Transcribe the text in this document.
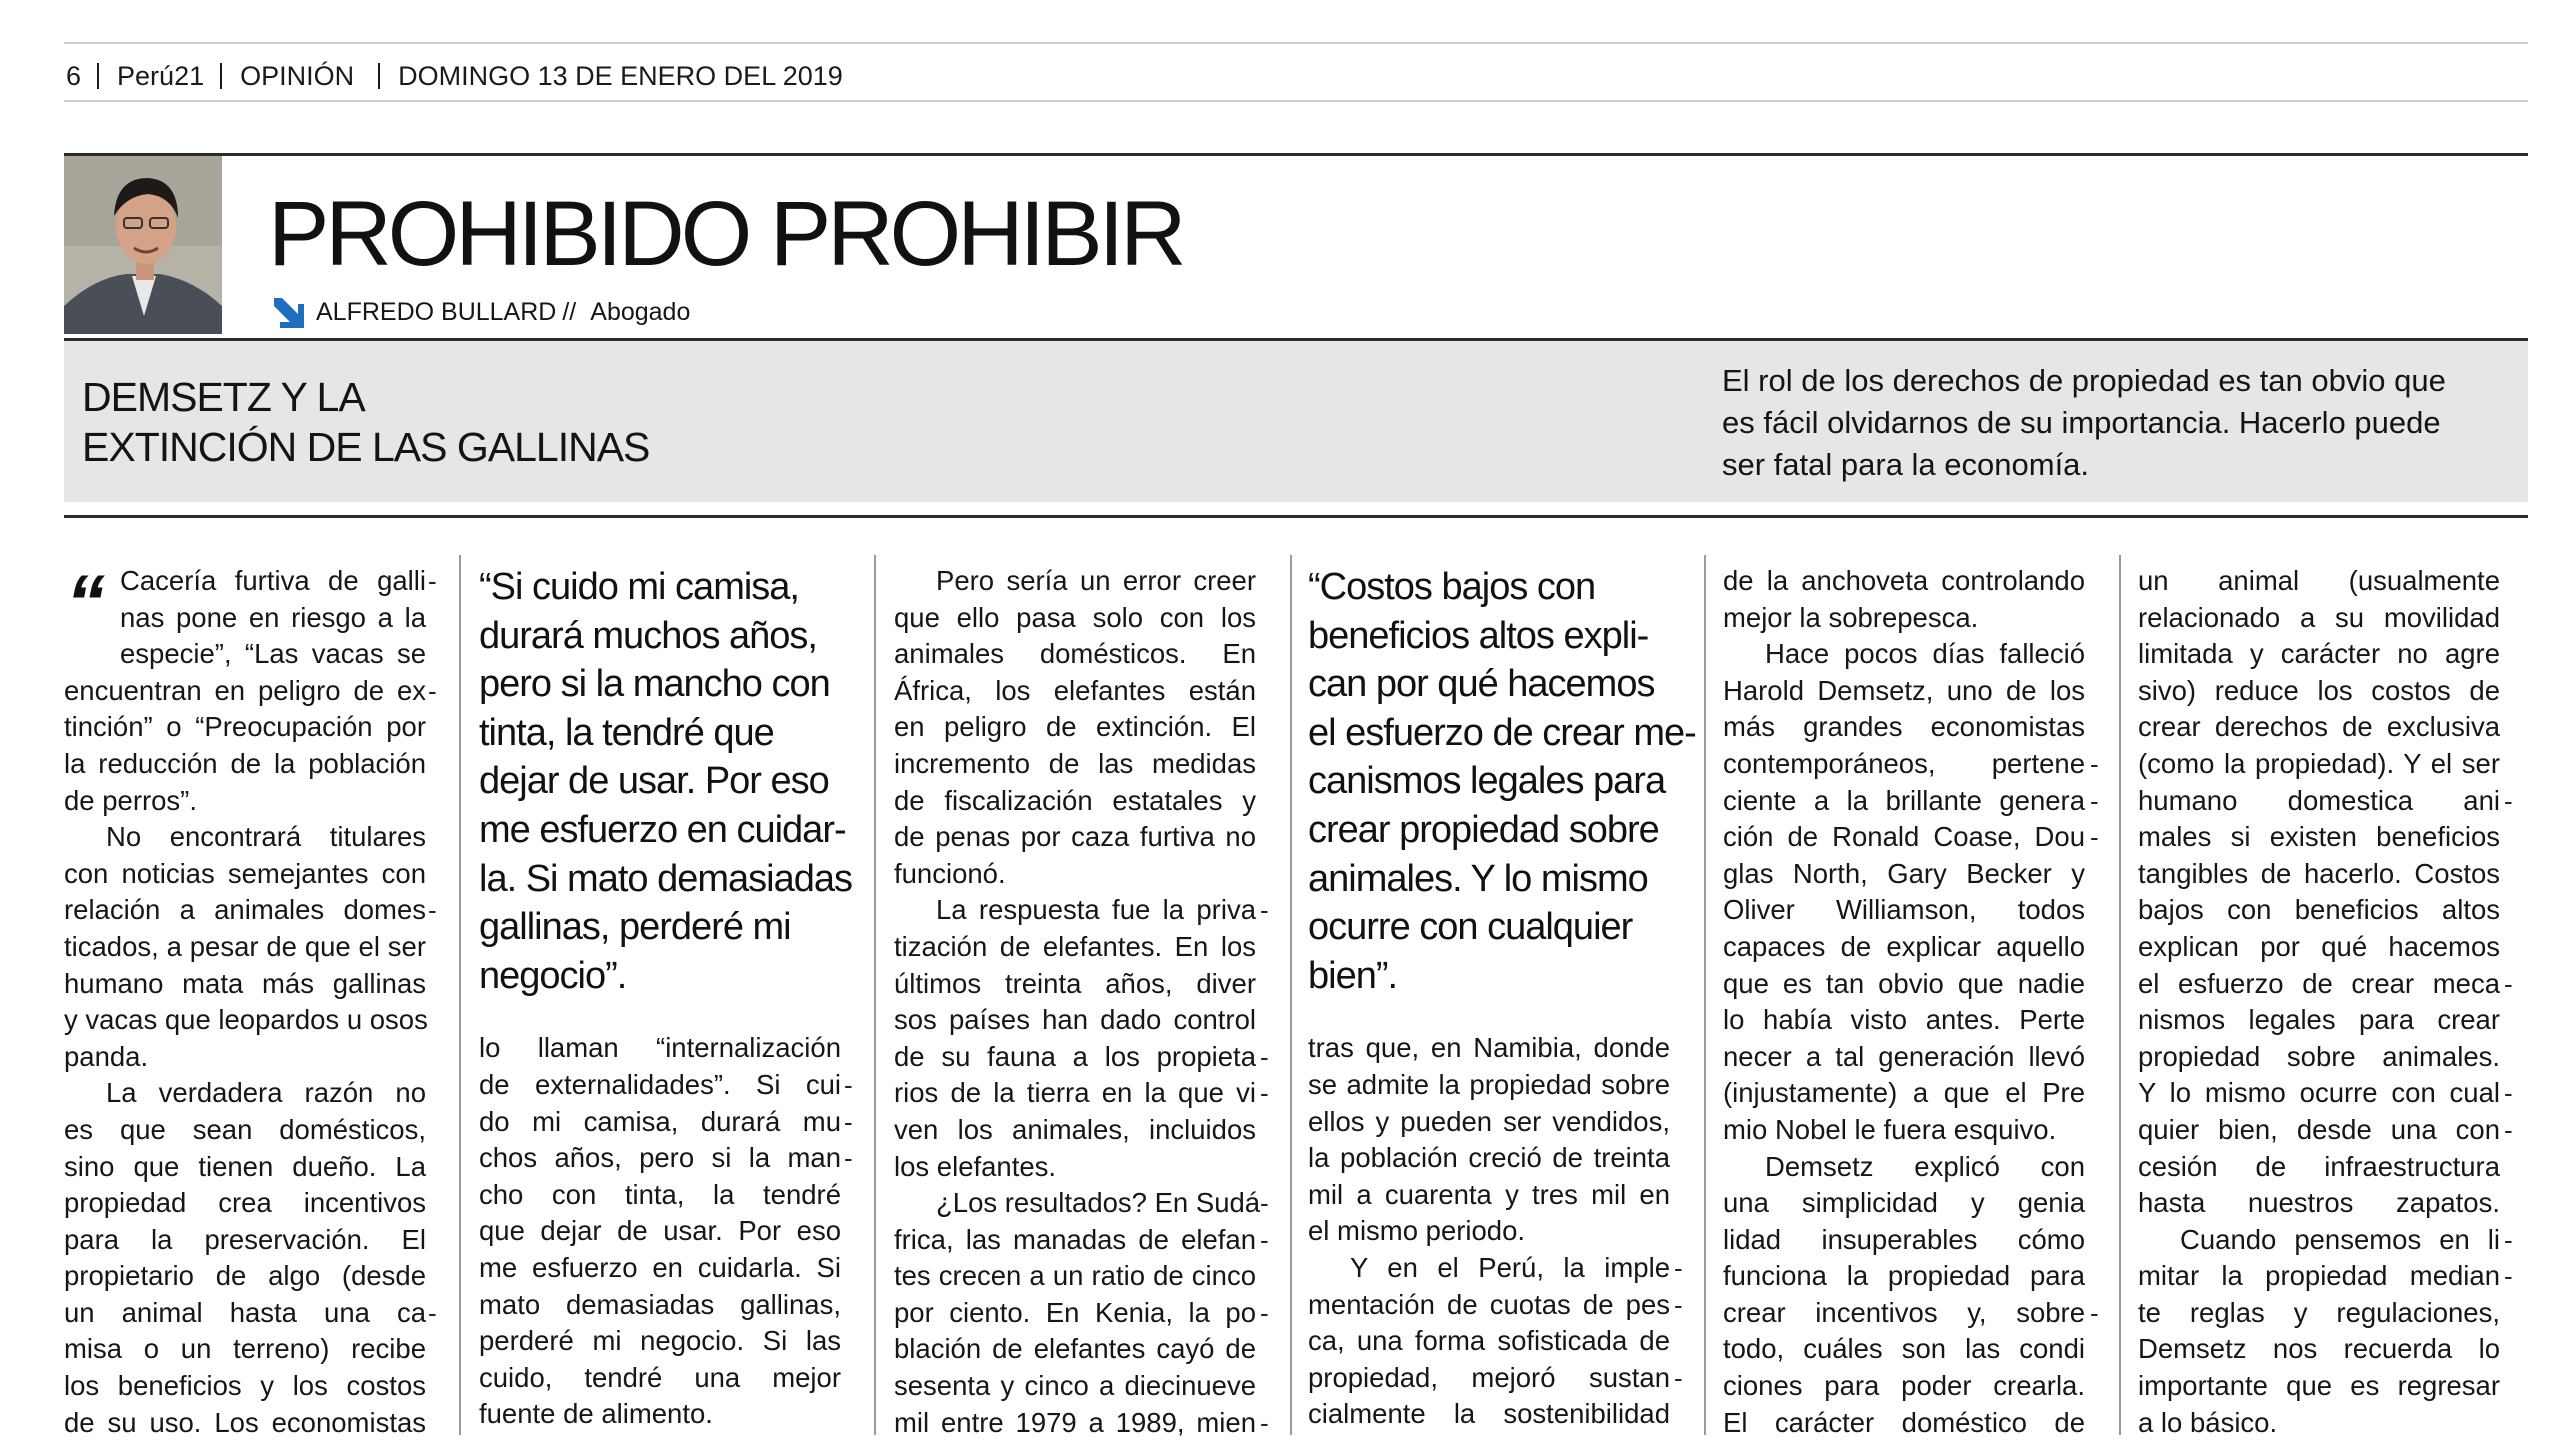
6 Perú21 OPINIÓN DOMINGO 13 DE ENERO DEL 2019
PROHIBIDO PROHIBIR
ALFREDO BULLARD // Abogado
DEMSETZ Y LA
EXTINCIÓN DE LAS GALLINAS
El rol de los derechos de propiedad es tan obvio que
es fácil olvidarnos de su importancia. Hacerlo puede
ser fatal para la economía.
“ Cacería furtiva de galli
nas pone en riesgo a la
especie”, “Las vacas se
encuentran en peligro de ex
tinción” o “Preocupación por
la reducción de la población
de perros”.
No encontrará titulares
con noticias semejantes con
relación a animales domes
ticados, a pesar de que el ser
humano mata más gallinas
y vacas que leopardos u osos
panda.
La verdadera razón no
es que sean domésticos,
sino que tienen dueño. La
propiedad crea incentivos
para la preservación. El
propietario de algo (desde
un animal hasta una ca
misa o un terreno) recibe
los beneficios y los costos
de su uso. Los economistas
“Si cuido mi camisa,
durará muchos años,
pero si la mancho con
tinta, la tendré que
dejar de usar. Por eso
me esfuerzo en cuidar-
la. Si mato demasiadas
gallinas, perderé mi
negocio”.
lo llaman “internalización
de externalidades”. Si cui
do mi camisa, durará mu
chos años, pero si la man
cho con tinta, la tendré
que dejar de usar. Por eso
me esfuerzo en cuidarla. Si
mato demasiadas gallinas,
perderé mi negocio. Si las
cuido, tendré una mejor
fuente de alimento.
Pero sería un error creer
que ello pasa solo con los
animales domésticos. En
África, los elefantes están
en peligro de extinción. El
incremento de las medidas
de fiscalización estatales y
de penas por caza furtiva no
funcionó.
La respuesta fue la priva
tización de elefantes. En los
últimos treinta años, diver
sos países han dado control
de su fauna a los propieta
rios de la tierra en la que vi
ven los animales, incluidos
los elefantes.
¿Los resultados? En Sudá
frica, las manadas de elefan
tes crecen a un ratio de cinco
por ciento. En Kenia, la po
blación de elefantes cayó de
sesenta y cinco a diecinueve
mil entre 1979 a 1989, mien
“Costos bajos con
beneficios altos expli-
can por qué hacemos
el esfuerzo de crear me-
canismos legales para
crear propiedad sobre
animales. Y lo mismo
ocurre con cualquier
bien”.
tras que, en Namibia, donde
se admite la propiedad sobre
ellos y pueden ser vendidos,
la población creció de treinta
mil a cuarenta y tres mil en
el mismo periodo.
Y en el Perú, la imple
mentación de cuotas de pes
ca, una forma sofisticada de
propiedad, mejoró sustan
cialmente la sostenibilidad
de la anchoveta controlando
mejor la sobrepesca.
Hace pocos días falleció
Harold Demsetz, uno de los
más grandes economistas
contemporáneos, pertene
ciente a la brillante genera
ción de Ronald Coase, Dou
glas North, Gary Becker y
Oliver Williamson, todos
capaces de explicar aquello
que es tan obvio que nadie
lo había visto antes. Perte
necer a tal generación llevó
(injustamente) a que el Pre
mio Nobel le fuera esquivo.
Demsetz explicó con
una simplicidad y genia
lidad insuperables cómo
funciona la propiedad para
crear incentivos y, sobre
todo, cuáles son las condi
ciones para poder crearla.
El carácter doméstico de
un animal (usualmente
relacionado a su movilidad
limitada y carácter no agre
sivo) reduce los costos de
crear derechos de exclusiva
(como la propiedad). Y el ser
humano domestica ani
males si existen beneficios
tangibles de hacerlo. Costos
bajos con beneficios altos
explican por qué hacemos
el esfuerzo de crear meca
nismos legales para crear
propiedad sobre animales.
Y lo mismo ocurre con cual
quier bien, desde una con
cesión de infraestructura
hasta nuestros zapatos.
Cuando pensemos en li
mitar la propiedad median
te reglas y regulaciones,
Demsetz nos recuerda lo
importante que es regresar
a lo básico.
-
-
-
-
-
-
-
-
-
-
-
-
-
-
-
-
-
-
-
-
-
-
-
-
-
-
-
